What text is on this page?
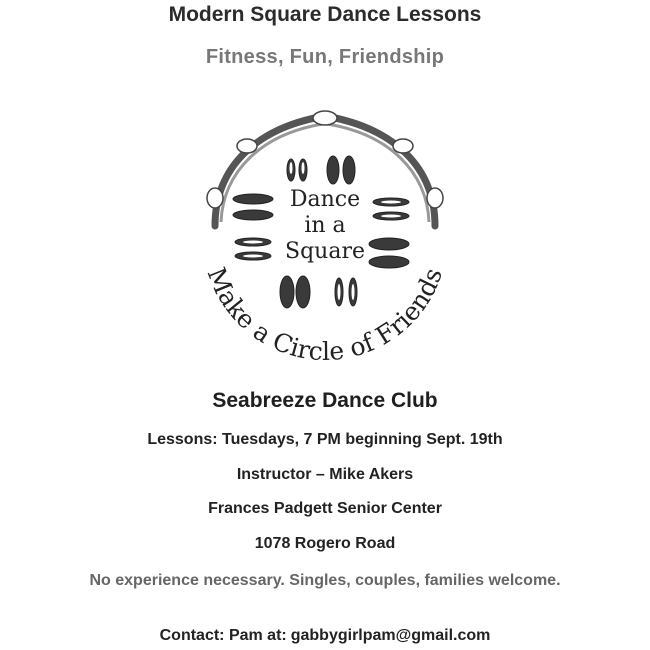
Modern Square Dance Lessons
Fitness, Fun, Friendship
Dance
in a
Square
Make a Circle of Friends
Seabreeze Dance Club
Lessons: Tuesdays, 7 PM beginning Sept. 19th
Instructor – Mike Akers
Frances Padgett Senior Center
1078 Rogero Road
No experience necessary. Singles, couples, families welcome.
Contact: Pam at: gabbygirlpam@gmail.com
